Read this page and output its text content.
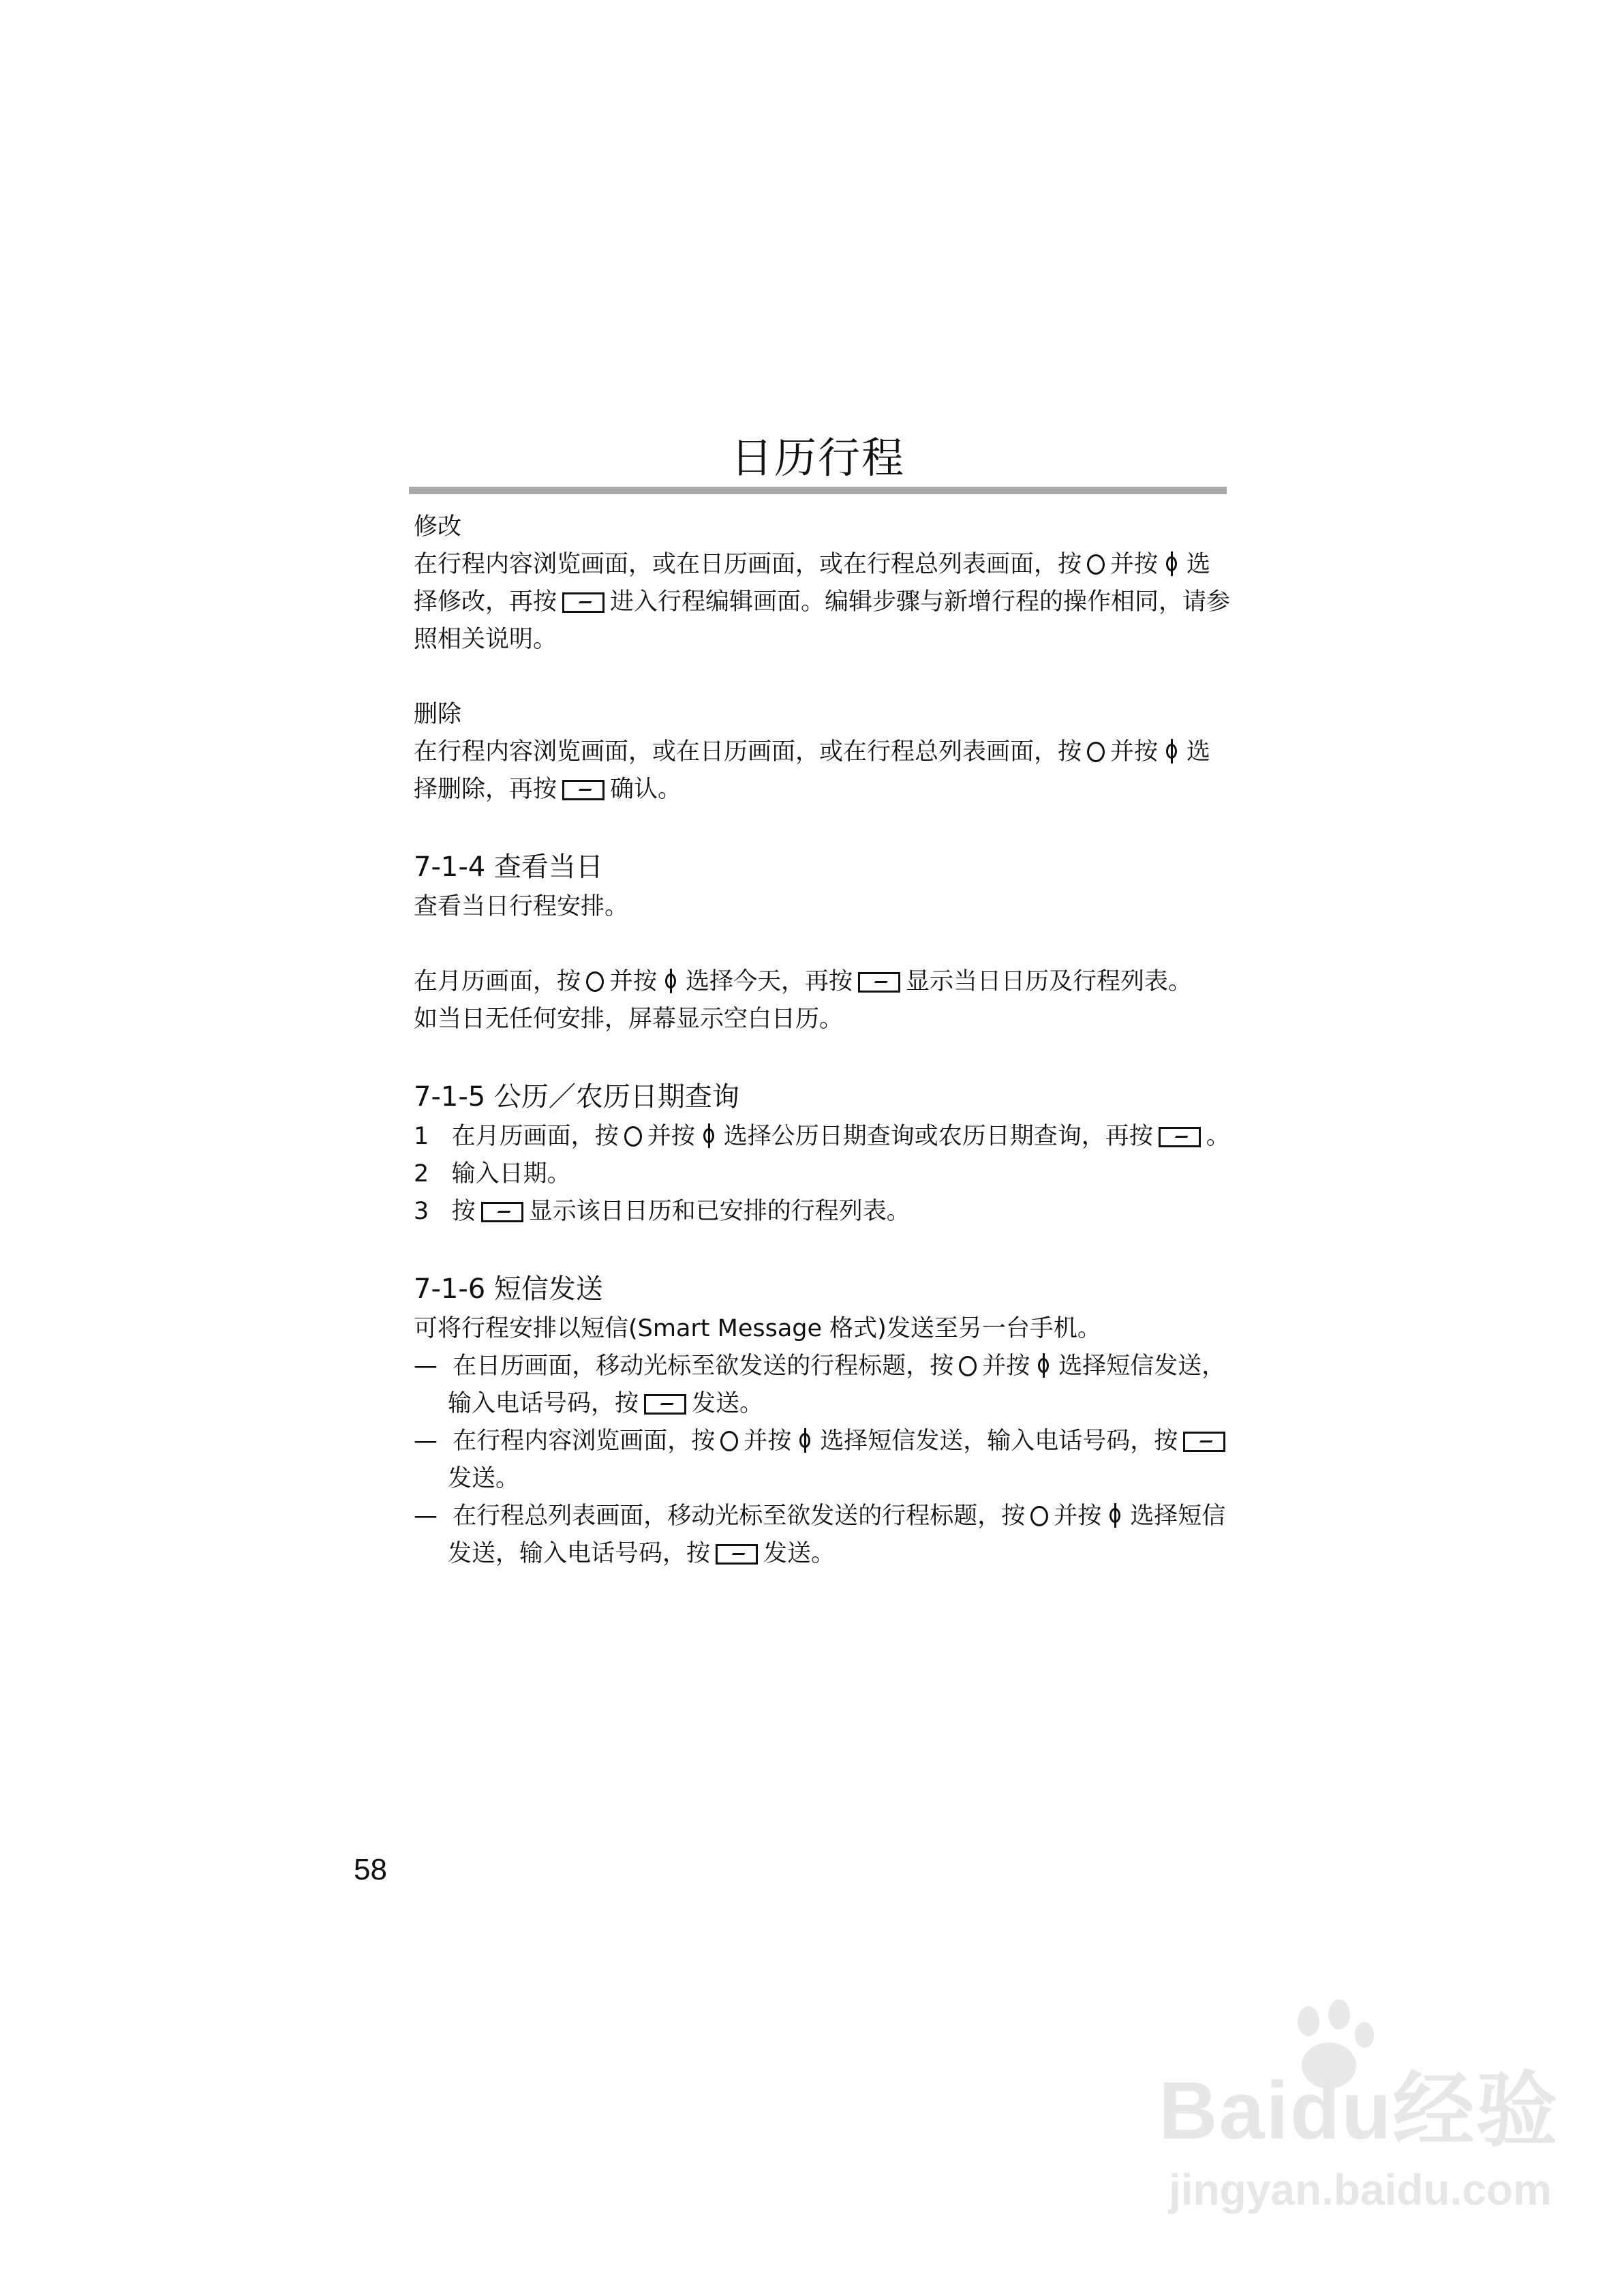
日历行程

修改

在行程内容浏览画面，或在日历画面，或在行程总列表画面，按 并按 选择修改，再按 进入行程编辑画面。编辑步骤与新增行程的操作相同，请参照相关说明。

删除

在行程内容浏览画面，或在日历画面，或在行程总列表画面，按 并按 选择删除，再按 确认。

7-1-4 查看当日

查看当日行程安排。

在月历画面，按 并按 选择今天，再按 显示当日日历及行程列表。

如当日无任何安排，屏幕显示空白日历。

7-1-5 公历／农历日期查询

1 在月历画面，按 并按 选择公历日期查询或农历日期查询，再按 。

2 输入日期。

3 按 显示该日日历和已安排的行程列表。

7-1-6 短信发送

可将行程安排以短信(Smart Message 格式)发送至另一台手机。

— 在日历画面，移动光标至欲发送的行程标题，按 并按 选择短信发送，输入电话号码，按 发送。

— 在行程内容浏览画面，按 并按 选择短信发送，输入电话号码，按发送。

— 在行程总列表画面，移动光标至欲发送的行程标题，按 并按 选择短信发送，输入电话号码，按 发送。

58
Baidu经验
jingyan.baidu.com
